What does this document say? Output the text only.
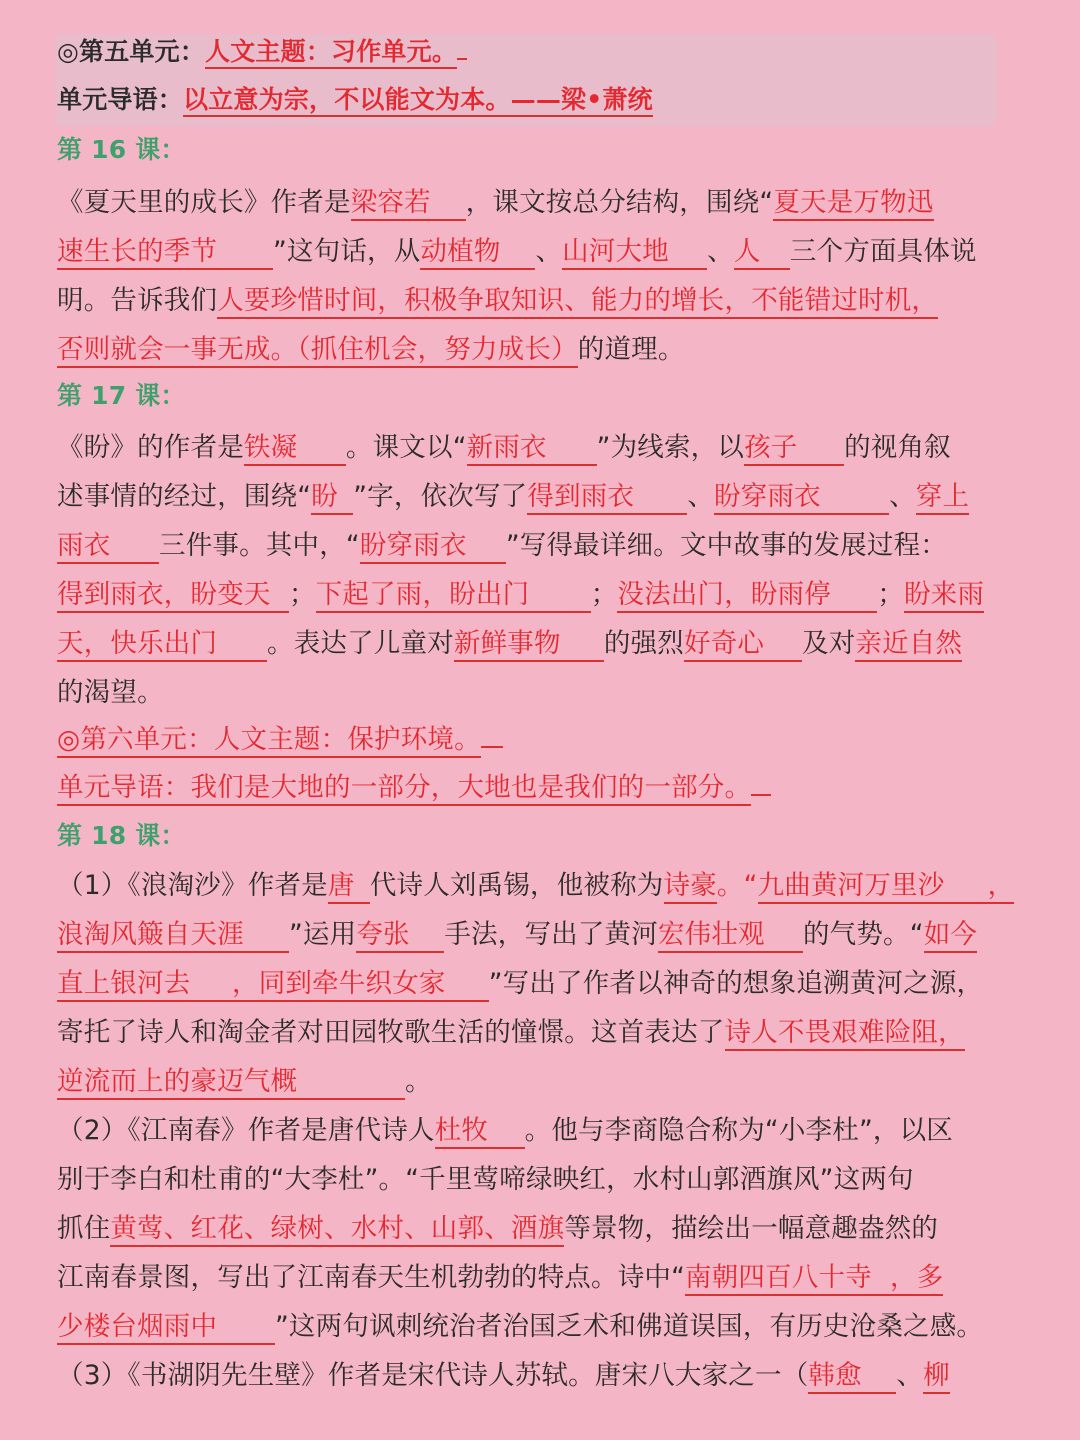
◎第五单元：人文主题：习作单元。
单元导语：以立意为宗，不以能文为本。——梁•萧统
第 16 课：
《夏天里的成长》作者是梁容若 ，课文按总分结构，围绕“夏天是万物迅
速生长的季节 ”这句话，从动植物 、山河大地 、人 三个方面具体说
明。告诉我们人要珍惜时间，积极争取知识、能力的增长，不能错过时机，
否则就会一事无成。（抓住机会，努力成长）的道理。
第 17 课：
《盼》的作者是铁凝 。课文以“新雨衣 ”为线索，以孩子 的视角叙
述事情的经过，围绕“盼 ”字，依次写了得到雨衣 、盼穿雨衣	、穿上
雨衣 三件事。其中，“盼穿雨衣 ”写得最详细。文中故事的发展过程：
得到雨衣，盼变天 ；下起了雨，盼出门 ；没法出门，盼雨停 ；盼来雨
天，快乐出门 。表达了儿童对新鲜事物 的强烈好奇心 及对亲近自然
的渴望。
◎第六单元：人文主题：保护环境。
单元导语：我们是大地的一部分，大地也是我们的一部分。
第 18 课：
（1）《浪淘沙》作者是唐 代诗人刘禹锡，他被称为诗豪。“九曲黄河万里沙 ，
浪淘风簸自天涯 ”运用夸张 手法，写出了黄河宏伟壮观 的气势。“如今
直上银河去 ，同到牵牛织女家 ”写出了作者以神奇的想象追溯黄河之源，
寄托了诗人和淘金者对田园牧歌生活的憧憬。这首表达了诗人不畏艰难险阻，
逆流而上的豪迈气概	。
（2）《江南春》作者是唐代诗人杜牧 。他与李商隐合称为“小李杜”，以区
别于李白和杜甫的“大李杜”。“千里莺啼绿映红，水村山郭酒旗风”这两句
抓住黄莺、红花、绿树、水村、山郭、酒旗等景物，描绘出一幅意趣盎然的
江南春景图，写出了江南春天生机勃勃的特点。诗中“南朝四百八十寺 ，多
少楼台烟雨中 ”这两句讽刺统治者治国乏术和佛道误国，有历史沧桑之感。
（3）《书湖阴先生壁》作者是宋代诗人苏轼。唐宋八大家之一（韩愈 、柳
